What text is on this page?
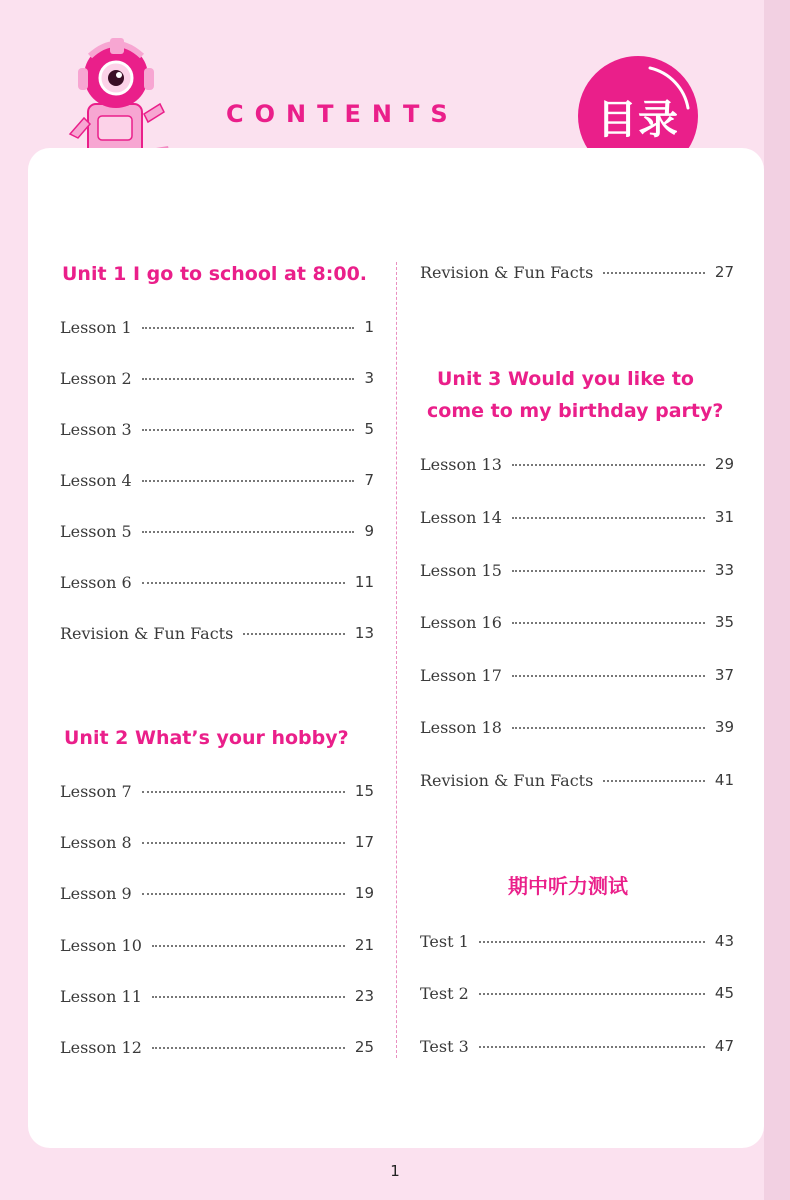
CONTENTS	目录
Unit 1 I go to school at 8:00.
Lesson 1	1
Lesson 2	3
Lesson 3	5
Lesson 4	7
Lesson 5	9
Lesson 6	11
Revision & Fun Facts	13
Unit 2 What’s your hobby?
Lesson 7	15
Lesson 8	17
Lesson 9	19
Lesson 10	21
Lesson 11	23
Lesson 12	25
Revision & Fun Facts	27
Unit 3 Would you like to
come to my birthday party?
Lesson 13	29
Lesson 14	31
Lesson 15	33
Lesson 16	35
Lesson 17	37
Lesson 18	39
Revision & Fun Facts	41
期中听力测试
Test 1	43
Test 2	45
Test 3	47
1
